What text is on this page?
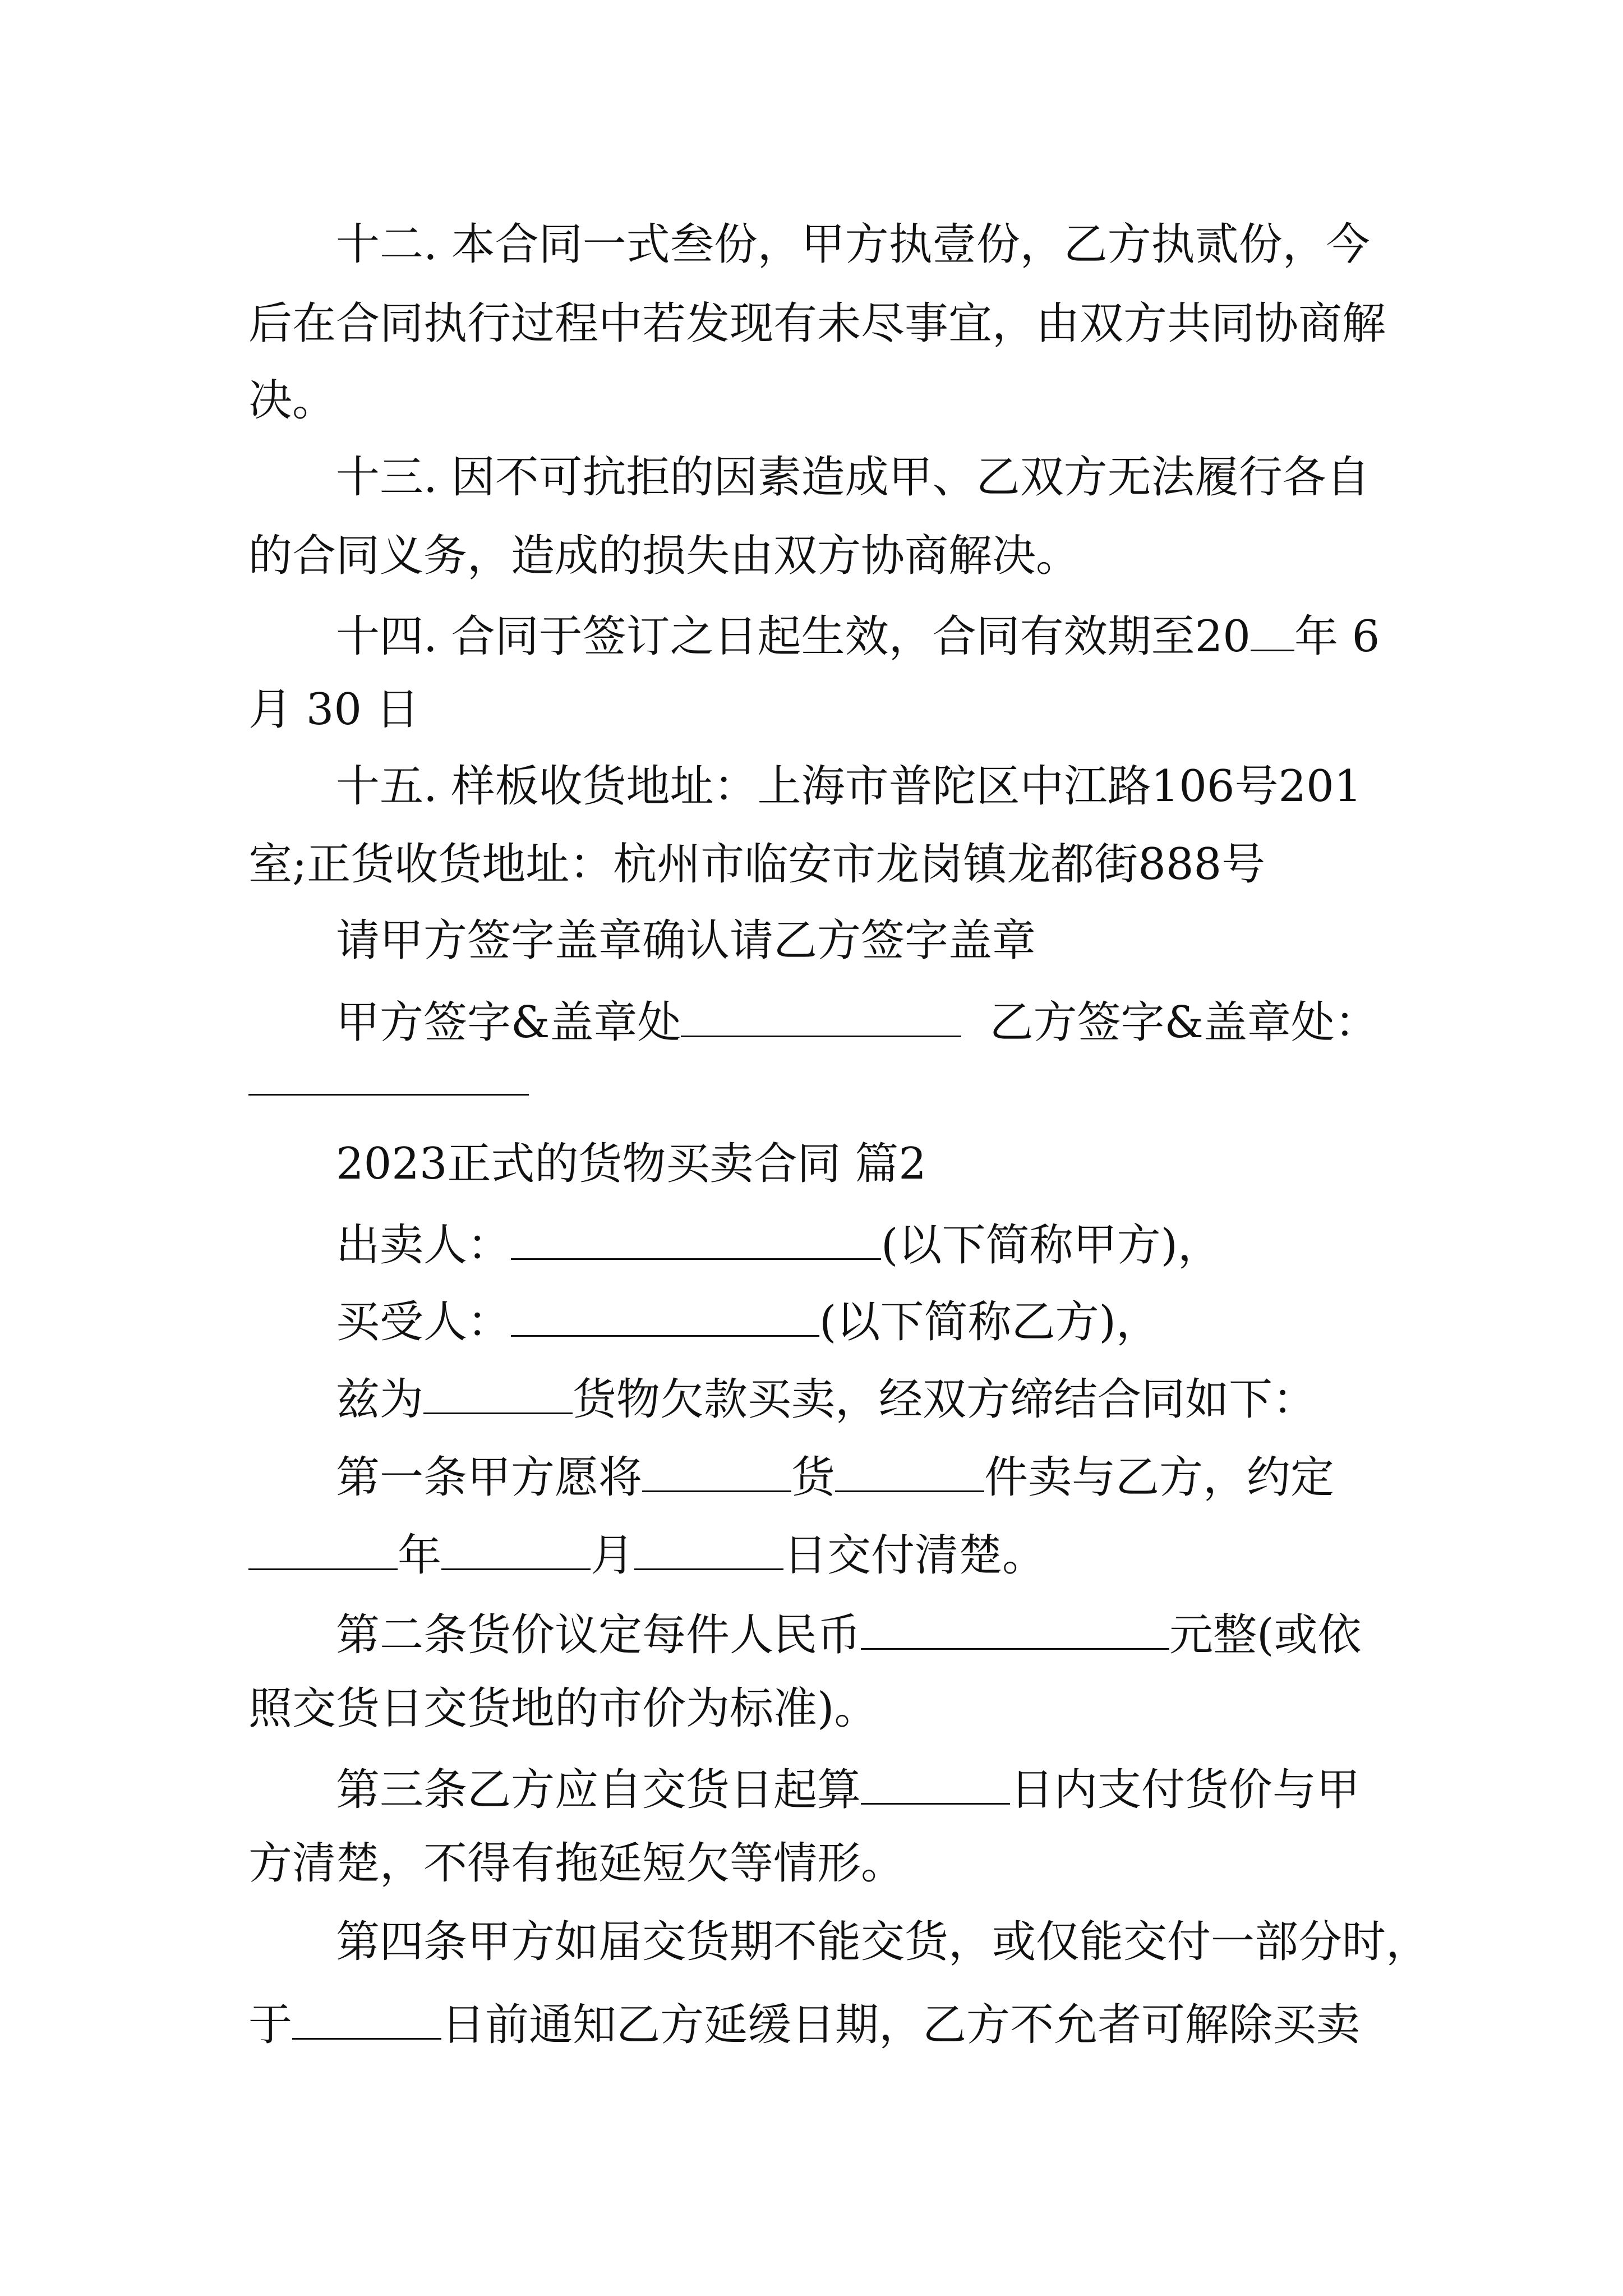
十二. 本合同一式叁份，甲方执壹份，乙方执贰份，今
后在合同执行过程中若发现有未尽事宜，由双方共同协商解
决。
十三. 因不可抗拒的因素造成甲、乙双方无法履行各自
的合同义务，造成的损失由双方协商解决。
十四. 合同于签订之日起生效，合同有效期至20 年 6
月 30 日
十五. 样板收货地址：上海市普陀区中江路106号201
室;正货收货地址：杭州市临安市龙岗镇龙都街888号
请甲方签字盖章确认请乙方签字盖章
甲方签字&盖章处	乙方签字&盖章处：
2023正式的货物买卖合同 篇2
出卖人：	(以下简称甲方)，
买受人：	(以下简称乙方)，
兹为	货物欠款买卖，经双方缔结合同如下：
第一条甲方愿将	货	件卖与乙方，约定
年	月	日交付清楚。
第二条货价议定每件人民币	元整(或依
照交货日交货地的市价为标准)。
第三条乙方应自交货日起算	日内支付货价与甲
方清楚，不得有拖延短欠等情形。
第四条甲方如届交货期不能交货，或仅能交付一部分时，
于	日前通知乙方延缓日期，乙方不允者可解除买卖
